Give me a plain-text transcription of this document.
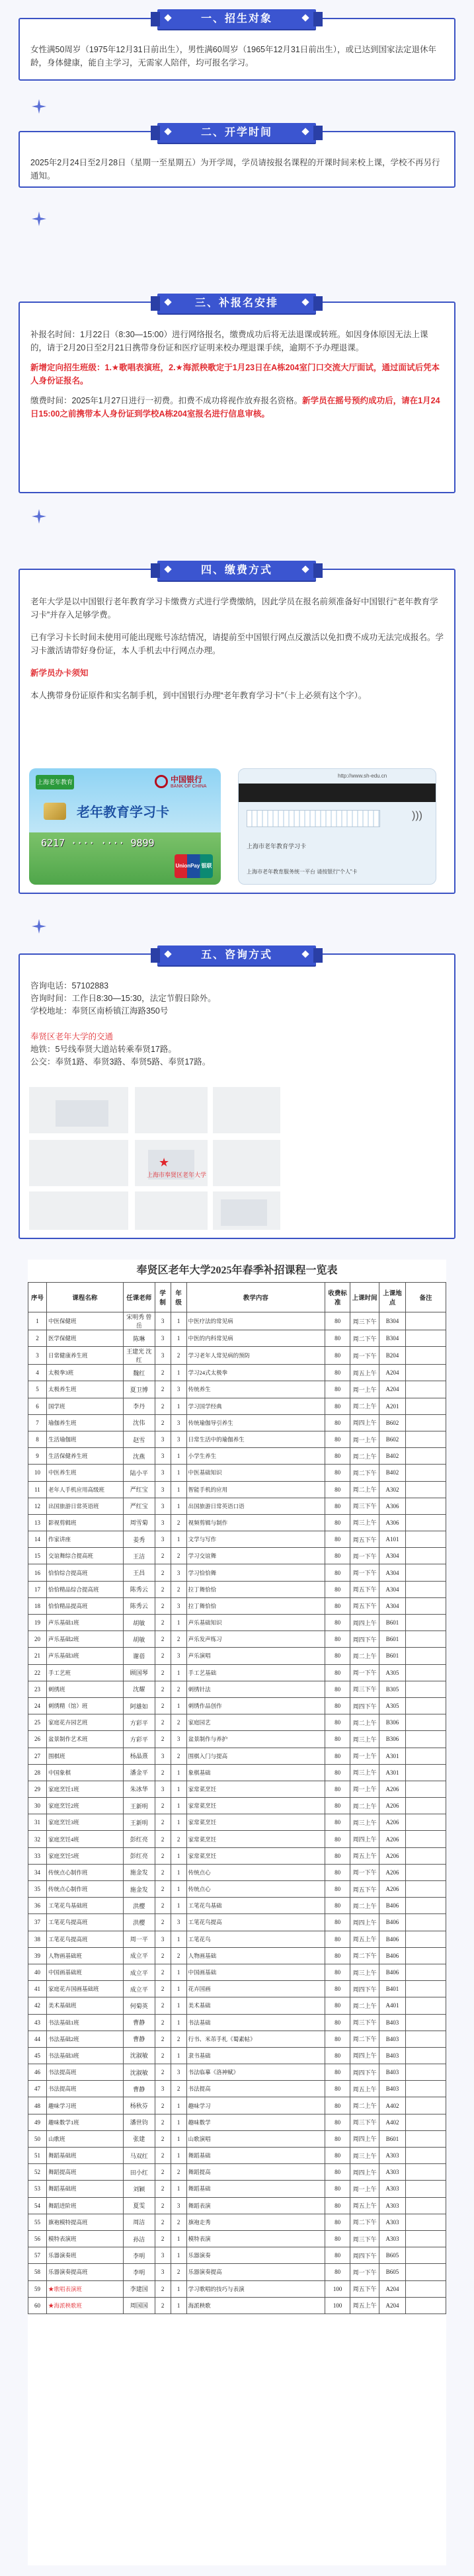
女性满50周岁（1975年12月31日前出生），男性满60周岁（1965年12月31日前出生），或已达到国家法定退休年龄，身体健康，能自主学习，无需家人陪伴，均可报名学习。

一、招生对象

2025年2月24日至2月28日（星期一至星期五）为开学周，学员请按报名课程的开课时间来校上课，学校不再另行通知。

二、开学时间

补报名时间：1月22日（8:30—15:00）进行网络报名，缴费成功后将无法退课或转班。如因身体原因无法上课的，请于2月20日至2月21日携带身份证和医疗证明来校办理退课手续，逾期不予办理退课。

新增定向招生班级：1.★歌唱表演班，2.★海派秧歌定于1月23日在A栋204室门口交流大厅面试，通过面试后凭本人身份证报名。

缴费时间：2025年1月27日进行一初费。扣费不成功将视作放弃报名资格。新学员在摇号预约成功后，请在1月24日15:00之前携带本人身份证到学校A栋204室报名进行信息审核。

三、补报名安排

老年大学是以中国银行老年教育学习卡缴费方式进行学费缴纳，因此学员在报名前须准备好中国银行“老年教育学习卡”并存入足够学费。

已有学习卡长时间未使用可能出现账号冻结情况，请提前至中国银行网点反激活以免扣费不成功无法完成报名。学习卡激活请带好身份证，本人手机去中行网点办理。

新学员办卡须知

本人携带身份证原件和实名制手机，到中国银行办理“老年教育学习卡”（卡上必须有这个字）。

上海老年教育	中国银行
BANK OF CHINA
老年教育学习卡
6217 ···· ···· 9899
UnionPay 银联
http://www.sh-edu.cn
)))
上海市老年教育学习卡
上海市老年教育服务统一平台 请按银行“个人”卡
四、缴费方式
咨询电话：57102883
咨询时间：工作日8:30—15:30，法定节假日除外。
学校地址：奉贤区南桥镇江海路350号
奉贤区老年大学的交通
地铁：5号线奉贤大道站转乘奉贤17路。
公交：奉贤1路、奉贤3路、奉贤5路、奉贤17路。
★
上海市奉贤区老年大学
五、咨询方式
奉贤区老年大学2025年春季补招课程一览表
序号	课程名称	任课老师	学制	年级	教学内容	收费标准	上课时间	上课地点	备注
1	中医保健班	宋明秀 曾岳	3	1	中医疗法的常见病	80	周三下午	B304	
2	医学保健班	陈琳	3	1	中医的内科常见病	80	周二下午	B304	
3	日常健康养生班	王建光 沈红	3	2	学习老年人常见病的预防	80	周一下午	B204	
4	太极拳3班	魏红	2	1	学习24式太极拳	80	周五上午	A204	
5	太极养生班	夏卫博	2	3	传统养生	80	周一上午	A204	
6	国学班	李丹	2	1	学习国学经典	80	周二上午	A201	
7	瑜伽养生班	沈伟	2	3	传统瑜伽导引养生	80	周四上午	B602	
8	生活瑜伽班	赵雪	3	3	日常生活中的瑜伽养生	80	周一上午	B602	
9	生活保健养生班	沈燕	3	1	小学生养生	80	周二上午	B402	
10	中医养生班	陆小平	3	1	中医基础知识	80	周二下午	B402	
11	老年人手机应用高级班	严红宝	3	1	智能手机的应用	80	周二上午	A302	
12	出国旅游日常英语班	严红宝	3	1	出国旅游日常英语口语	80	周三下午	A306	
13	影视剪辑班	周雪菊	3	2	视频剪辑与制作	80	周三上午	A306	
14	作家讲座	姜秀	3	1	文学与写作	80	周五下午	A101	
15	交谊舞综合提高班	王洁	2	2	学习交谊舞	80	周一下午	A304	
16	恰恰综合提高班	王昌	2	3	学习恰恰舞	80	周一下午	A304	
17	恰恰精品综合提高班	陈秀云	2	2	拉丁舞恰恰	80	周五下午	A304	
18	恰恰精品提高班	陈秀云	2	3	拉丁舞恰恰	80	周五下午	A304	
19	声乐基础1班	胡敏	2	1	声乐基础知识	80	周四上午	B601	
20	声乐基础2班	胡敏	2	2	声乐发声练习	80	周四下午	B601	
21	声乐基础3班	谢蓓	2	3	声乐演唱	80	周二上午	B601	
22	手工艺班	顾国琴	2	1	手工艺基础	80	周一下午	A305	
23	刺绣班	沈耀	2	2	刺绣针法	80	周三下午	B305	
24	刺绣精（馆）班	阿雄如	2	1	刺绣作品创作	80	周四下午	A305	
25	家庭花卉园艺班	方彩平	2	2	家庭园艺	80	周二上午	B306	
26	盆景制作艺术班	方彩平	2	3	盆景制作与养护	80	周三上午	B306	
27	围棋班	杨晶熹	3	2	围棋入门与提高	80	周一上午	A301	
28	中国象棋	潘金平	2	1	象棋基础	80	周三上午	A301	
29	家庭烹饪1班	朱冰华	3	1	家常菜烹饪	80	周一上午	A206	
30	家庭烹饪2班	王新明	2	1	家常菜烹饪	80	周二上午	A206	
31	家庭烹饪3班	王新明	2	1	家常菜烹饪	80	周三上午	A206	
32	家庭烹饪4班	彭红亮	2	2	家常菜烹饪	80	周四上午	A206	
33	家庭烹饪5班	彭红亮	2	1	家常菜烹饪	80	周五上午	A206	
34	传统点心制作班	施金发	2	1	传统点心	80	周一下午	A206	
35	传统点心制作班	施金发	2	1	传统点心	80	周五下午	A206	
36	工笔花鸟基础班	洪樱	2	1	工笔花鸟基础	80	周二上午	B406	
37	工笔花鸟提高班	洪樱	2	3	工笔花鸟提高	80	周四上午	B406	
38	工笔花鸟提高班	周一平	3	1	工笔花鸟	80	周五上午	B406	
39	人物画基础班	成立平	2	2	人物画基础	80	周二下午	B406	
40	中国画基础班	成立平	2	1	中国画基础	80	周三上午	B406	
41	家庭花卉国画基础班	成立平	2	1	花卉国画	80	周四下午	B401	
42	美术基础班	何菊英	2	1	美术基础	80	周二上午	A401	
43	书法基础1班	曹静	2	1	书法基础	80	周三下午	B403	
44	书法基础2班	曹静	2	2	行书、米芾手札《蜀素帖》	80	周二下午	B403	
45	书法基础3班	沈淑敏	2	1	隶书基础	80	周四上午	B403	
46	书法提高班	沈淑敏	2	3	书法临摹《洛神赋》	80	周四下午	B403	
47	书法提高班	曹静	3	2	书法提高	80	周五上午	B403	
48	趣味学习班	杨秋芬	2	1	趣味学习	80	周二上午	A402	
49	趣味数学1班	潘世钧	2	1	趣味数学	80	周三下午	A402	
50	山歌班	张建	2	1	山歌演唱	80	周四上午	B601	
51	舞蹈基础班	马双红	2	1	舞蹈基础	80	周三上午	A303	
52	舞蹈提高班	田小红	2	2	舞蹈提高	80	周四上午	A303	
53	舞蹈基础班	刘颖	2	1	舞蹈基础	80	周一上午	A303	
54	舞蹈进阶班	夏雯	2	3	舞蹈表演	80	周五上午	A303	
55	旗袍模特提高班	周洁	2	2	旗袍走秀	80	周二下午	A303	
56	模特表演班	孙洁	2	1	模特表演	80	周三下午	A303	
57	乐器演奏班	李明	3	1	乐器演奏	80	周四下午	B605	
58	乐器演奏提高班	李明	3	2	乐器演奏提高	80	周一下午	B605	
59	★歌唱表演班	李建国	2	1	学习歌唱的技巧与表演	100	周五下午	A204	
60	★海派秧歌班	周国国	2	1	海派秧歌	100	周五上午	A204	
